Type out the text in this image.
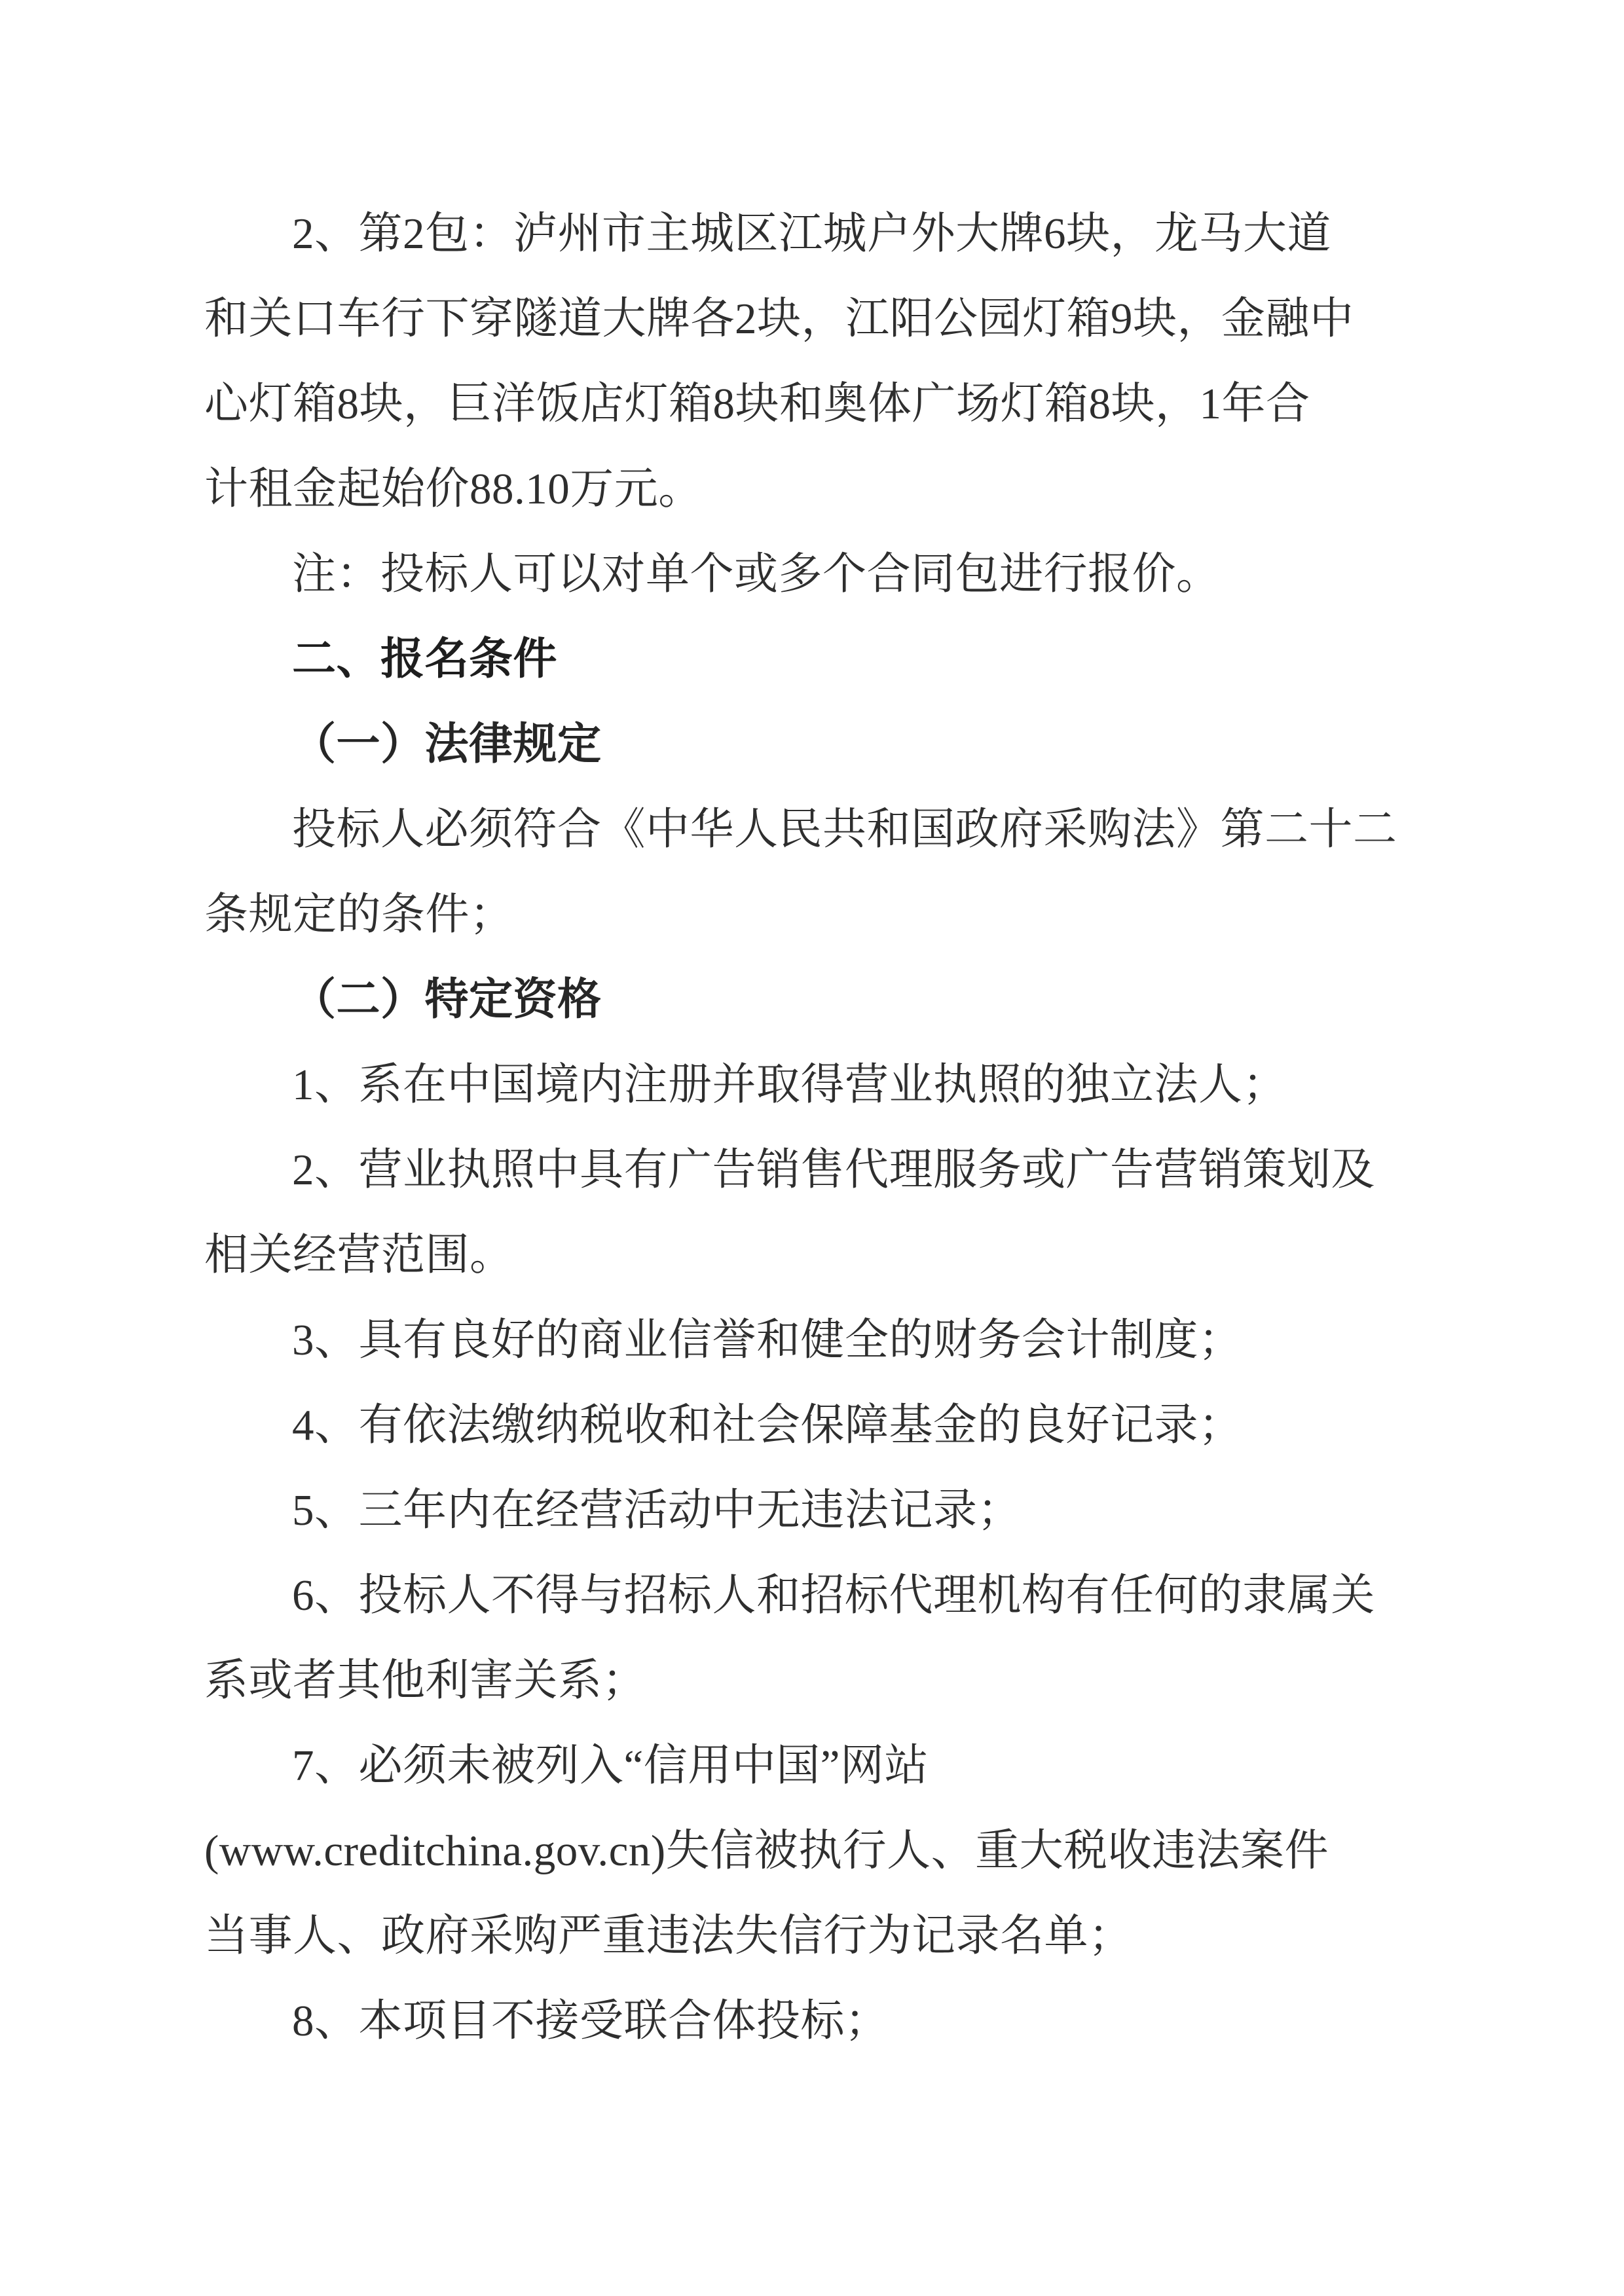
2、第2包：泸州市主城区江城户外大牌6块，龙马大道
和关口车行下穿隧道大牌各2块，江阳公园灯箱9块，金融中
心灯箱8块，巨洋饭店灯箱8块和奥体广场灯箱8块，1年合
计租金起始价88.10万元。
注：投标人可以对单个或多个合同包进行报价。
二、报名条件
（一）法律规定
投标人必须符合《中华人民共和国政府采购法》第二十二
条规定的条件；
（二）特定资格
1、系在中国境内注册并取得营业执照的独立法人；
2、营业执照中具有广告销售代理服务或广告营销策划及
相关经营范围。
3、具有良好的商业信誉和健全的财务会计制度；
4、有依法缴纳税收和社会保障基金的良好记录；
5、三年内在经营活动中无违法记录；
6、投标人不得与招标人和招标代理机构有任何的隶属关
系或者其他利害关系；
7、必须未被列入“信用中国”网站
(www.creditchina.gov.cn)失信被执行人、重大税收违法案件
当事人、政府采购严重违法失信行为记录名单；
8、本项目不接受联合体投标；
